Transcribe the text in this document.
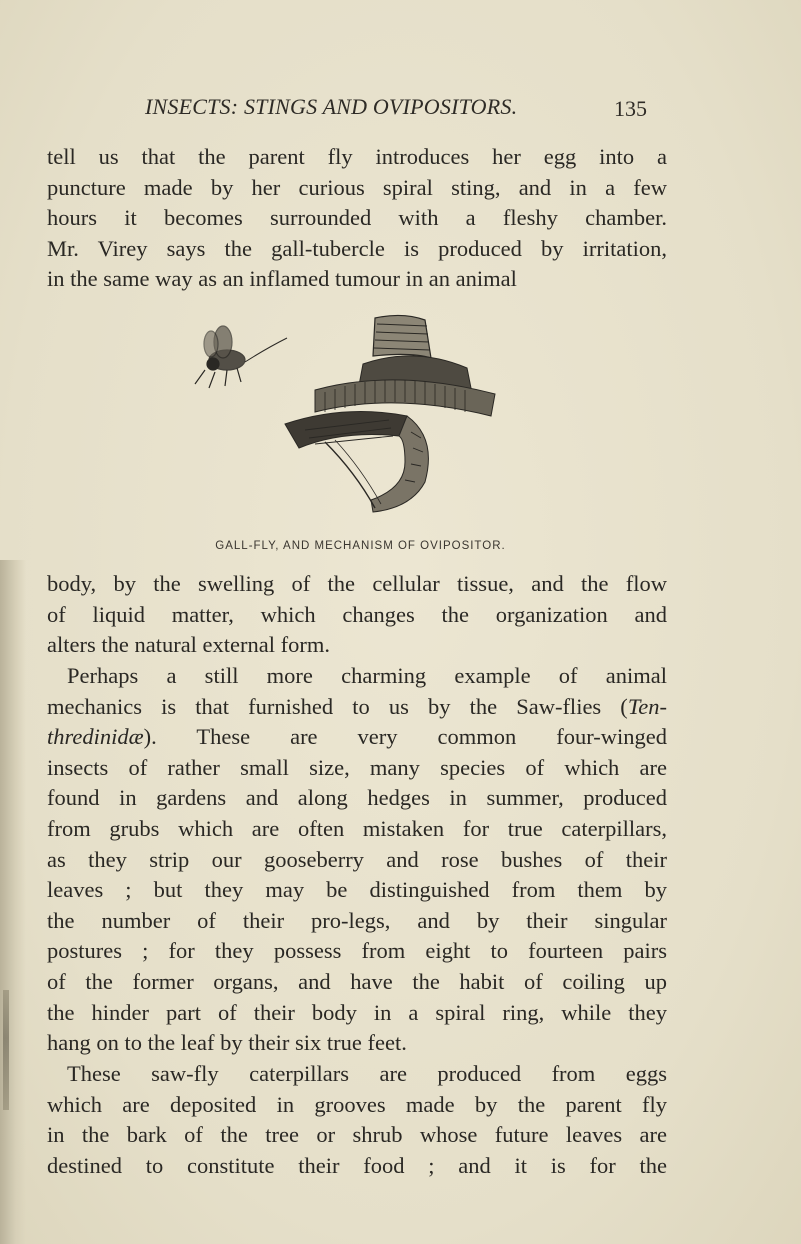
INSECTS: STINGS AND OVIPOSITORS.	135

tell us that the parent fly introduces her egg into a
puncture made by her curious spiral sting, and in a few
hours it becomes surrounded with a fleshy chamber.
Mr. Virey says the gall-tubercle is produced by irritation,
in the same way as an inflamed tumour in an animal

GALL-FLY, AND MECHANISM OF OVIPOSITOR.

body, by the swelling of the cellular tissue, and the flow
of liquid matter, which changes the organization and
alters the natural external form.

Perhaps a still more charming example of animal
mechanics is that furnished to us by the Saw-flies (Ten-
thredinidæ). These are very common four-winged
insects of rather small size, many species of which are
found in gardens and along hedges in summer, produced
from grubs which are often mistaken for true caterpillars,
as they strip our gooseberry and rose bushes of their
leaves ; but they may be distinguished from them by
the number of their pro-legs, and by their singular
postures ; for they possess from eight to fourteen pairs
of the former organs, and have the habit of coiling up
the hinder part of their body in a spiral ring, while they
hang on to the leaf by their six true feet.

These saw-fly caterpillars are produced from eggs
which are deposited in grooves made by the parent fly
in the bark of the tree or shrub whose future leaves are
destined to constitute their food ; and it is for the
